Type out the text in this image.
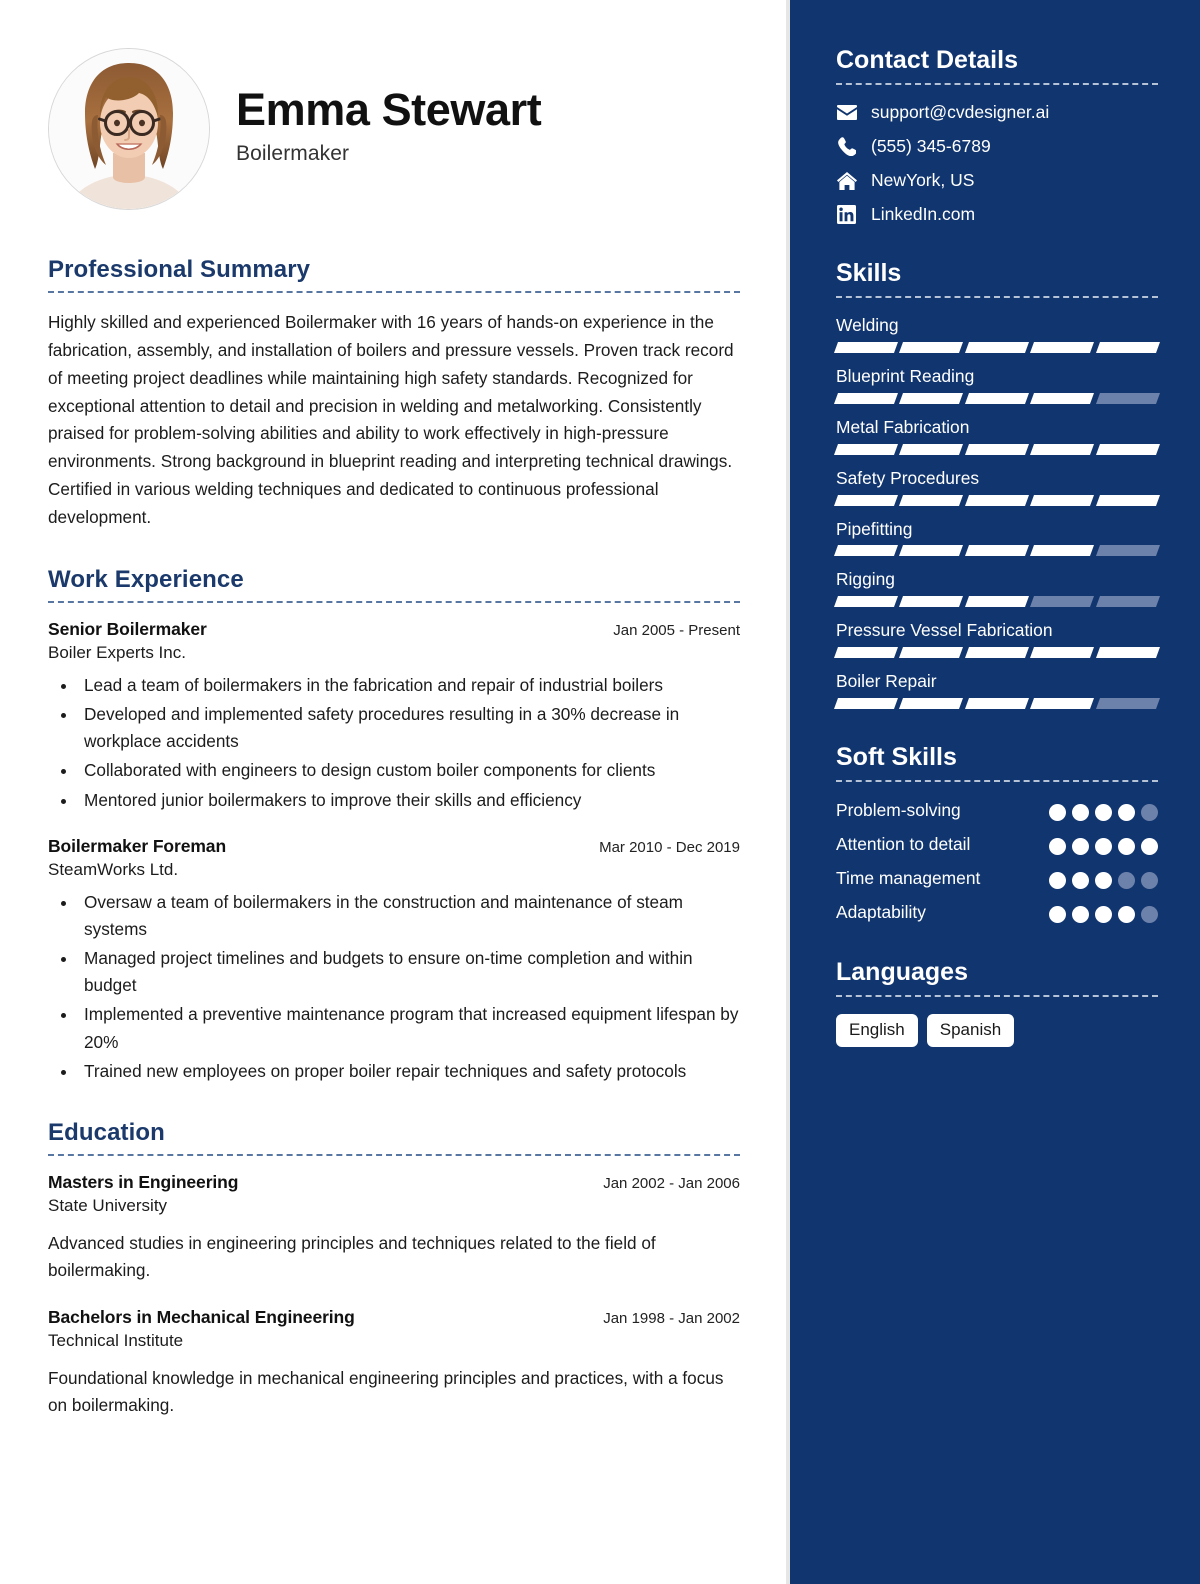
Emma Stewart
Boilermaker
Professional Summary

Highly skilled and experienced Boilermaker with 16 years of hands-on experience in the fabrication, assembly, and installation of boilers and pressure vessels. Proven track record of meeting project deadlines while maintaining high safety standards. Recognized for exceptional attention to detail and precision in welding and metalworking. Consistently praised for problem-solving abilities and ability to work effectively in high-pressure environments. Strong background in blueprint reading and interpreting technical drawings. Certified in various welding techniques and dedicated to continuous professional development.

Work Experience
Senior Boilermaker	Jan 2005 - Present
Boiler Experts Inc.
• Lead a team of boilermakers in the fabrication and repair of industrial boilers
• Developed and implemented safety procedures resulting in a 30% decrease in workplace accidents
• Collaborated with engineers to design custom boiler components for clients
• Mentored junior boilermakers to improve their skills and efficiency
Boilermaker Foreman	Mar 2010 - Dec 2019
SteamWorks Ltd.
• Oversaw a team of boilermakers in the construction and maintenance of steam systems
• Managed project timelines and budgets to ensure on-time completion and within budget
• Implemented a preventive maintenance program that increased equipment lifespan by 20%
• Trained new employees on proper boiler repair techniques and safety protocols
Education
Masters in Engineering	Jan 2002 - Jan 2006
State University

Advanced studies in engineering principles and techniques related to the field of boilermaking.

Bachelors in Mechanical Engineering	Jan 1998 - Jan 2002
Technical Institute

Foundational knowledge in mechanical engineering principles and practices, with a focus on boilermaking.

Contact Details
support@cvdesigner.ai
(555) 345-6789
NewYork, US
LinkedIn.com
Skills
Welding
Blueprint Reading
Metal Fabrication
Safety Procedures
Pipefitting
Rigging
Pressure Vessel Fabrication
Boiler Repair
Soft Skills
Problem-solving
Attention to detail
Time management
Adaptability
Languages
English	Spanish
